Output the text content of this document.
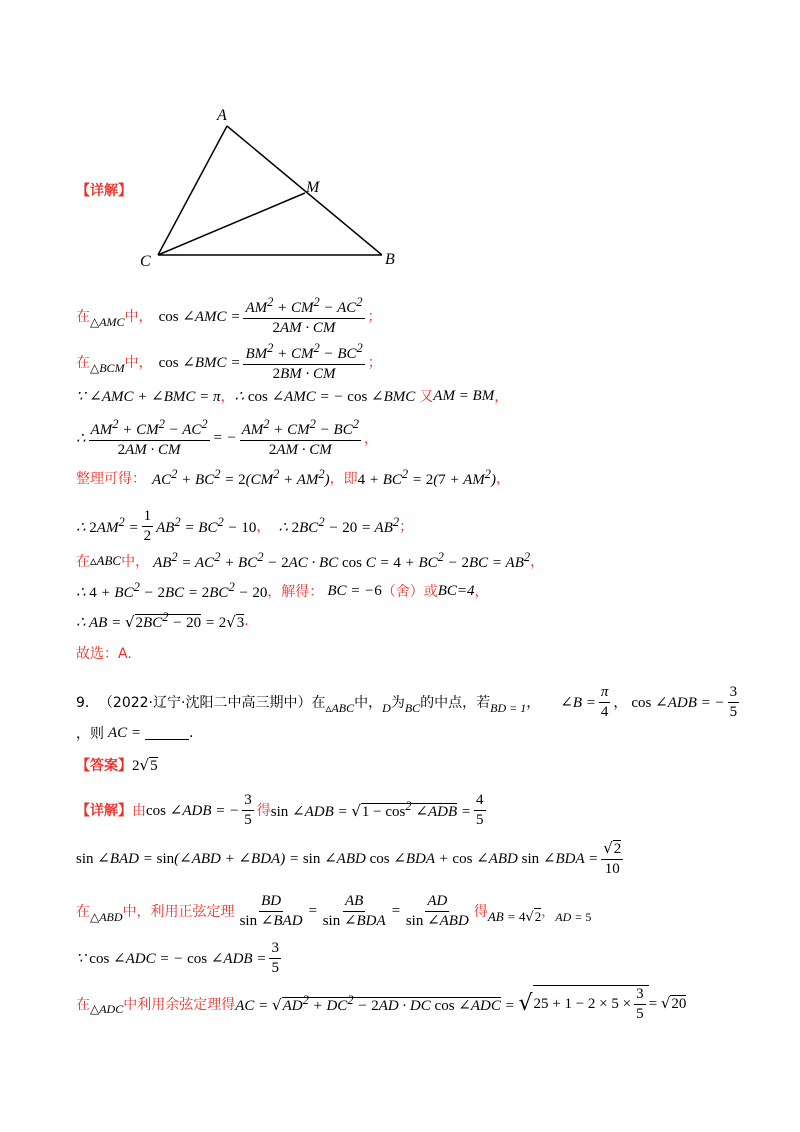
A
M
C	B
【详解】
在 △AMC 中， cos ∠AMC = $\frac{AM^2 + CM^2 - AC^2}{2AM \cdot CM}$ ；
在 △BCM 中， cos ∠BMC = $\frac{BM^2 + CM^2 - BC^2}{2BM \cdot CM}$ ；
∵ ∠AMC + ∠BMC = π ， ∴ cos ∠AMC = − cos ∠BMC 又 AM = BM ，
∴ $\frac{AM^2 + CM^2 - AC^2}{2AM \cdot CM}$ = − $\frac{AM^2 + CM^2 - BC^2}{2AM \cdot CM}$ ，
整理可得： $AC^2 + BC^2 = 2(CM^2 + AM^2)$ ，即 $4 + BC^2 = 2(7 + AM^2)$ ，
∴ $2AM^2 = \frac{1}{2} AB^2 = BC^2 - 10$ ， ∴ $2BC^2 - 20 = AB^2$ ；
在 ▵ABC 中， $AB^2 = AC^2 + BC^2 - 2AC$ · BC $\cos C = 4 + BC^2 - 2BC = AB^2$ ，
∴ $4 + BC^2 - 2BC = 2BC^2 - 20$ ，解得： BC = −6 （舍）或 BC=4 ，
∴ AB = $√2BC^2 - 20 = 2√3$ .
故选：A.
9． （2022·辽宁·沈阳二中高三期中） 在 ▵ABC 中， D 为 BC 的中点，若 BD = 1 ， ∠B = $\frac{\pi}{4}$ ， cos ∠ADB = − $\frac{3}{5}$
，则 AC =	.
【答案】 2√5
【详解】 由 cos ∠ADB = − $\frac{3}{5}$ 得 sin ∠ADB = $√1 - \cos^2$ ∠ADB = $\frac{4}{5}$
sin ∠BAD = sin(∠ABD + ∠BDA) = sin ∠ABD cos ∠BDA + cos ∠ABD sin ∠BDA = $\frac{√2}{10}$
在 △ABD 中，利用正弦定理 $\frac{BD}{\text{sin ∠BAD}} = \frac{AB}{\text{sin ∠BDA}} = \frac{AD}{\text{sin ∠ABD}}$ 得 AB = 4√2 ， AD = 5
∵ cos ∠ADC = − cos ∠ADB = $\frac{3}{5}$
在 △ADC 中利用余弦定理得 AC = $√AD^2 + DC^2 - 2AD$ · DC cos ∠ADC = √ $25 + 1 - 2 \times 5 \times \frac{3}{5} = √20$
